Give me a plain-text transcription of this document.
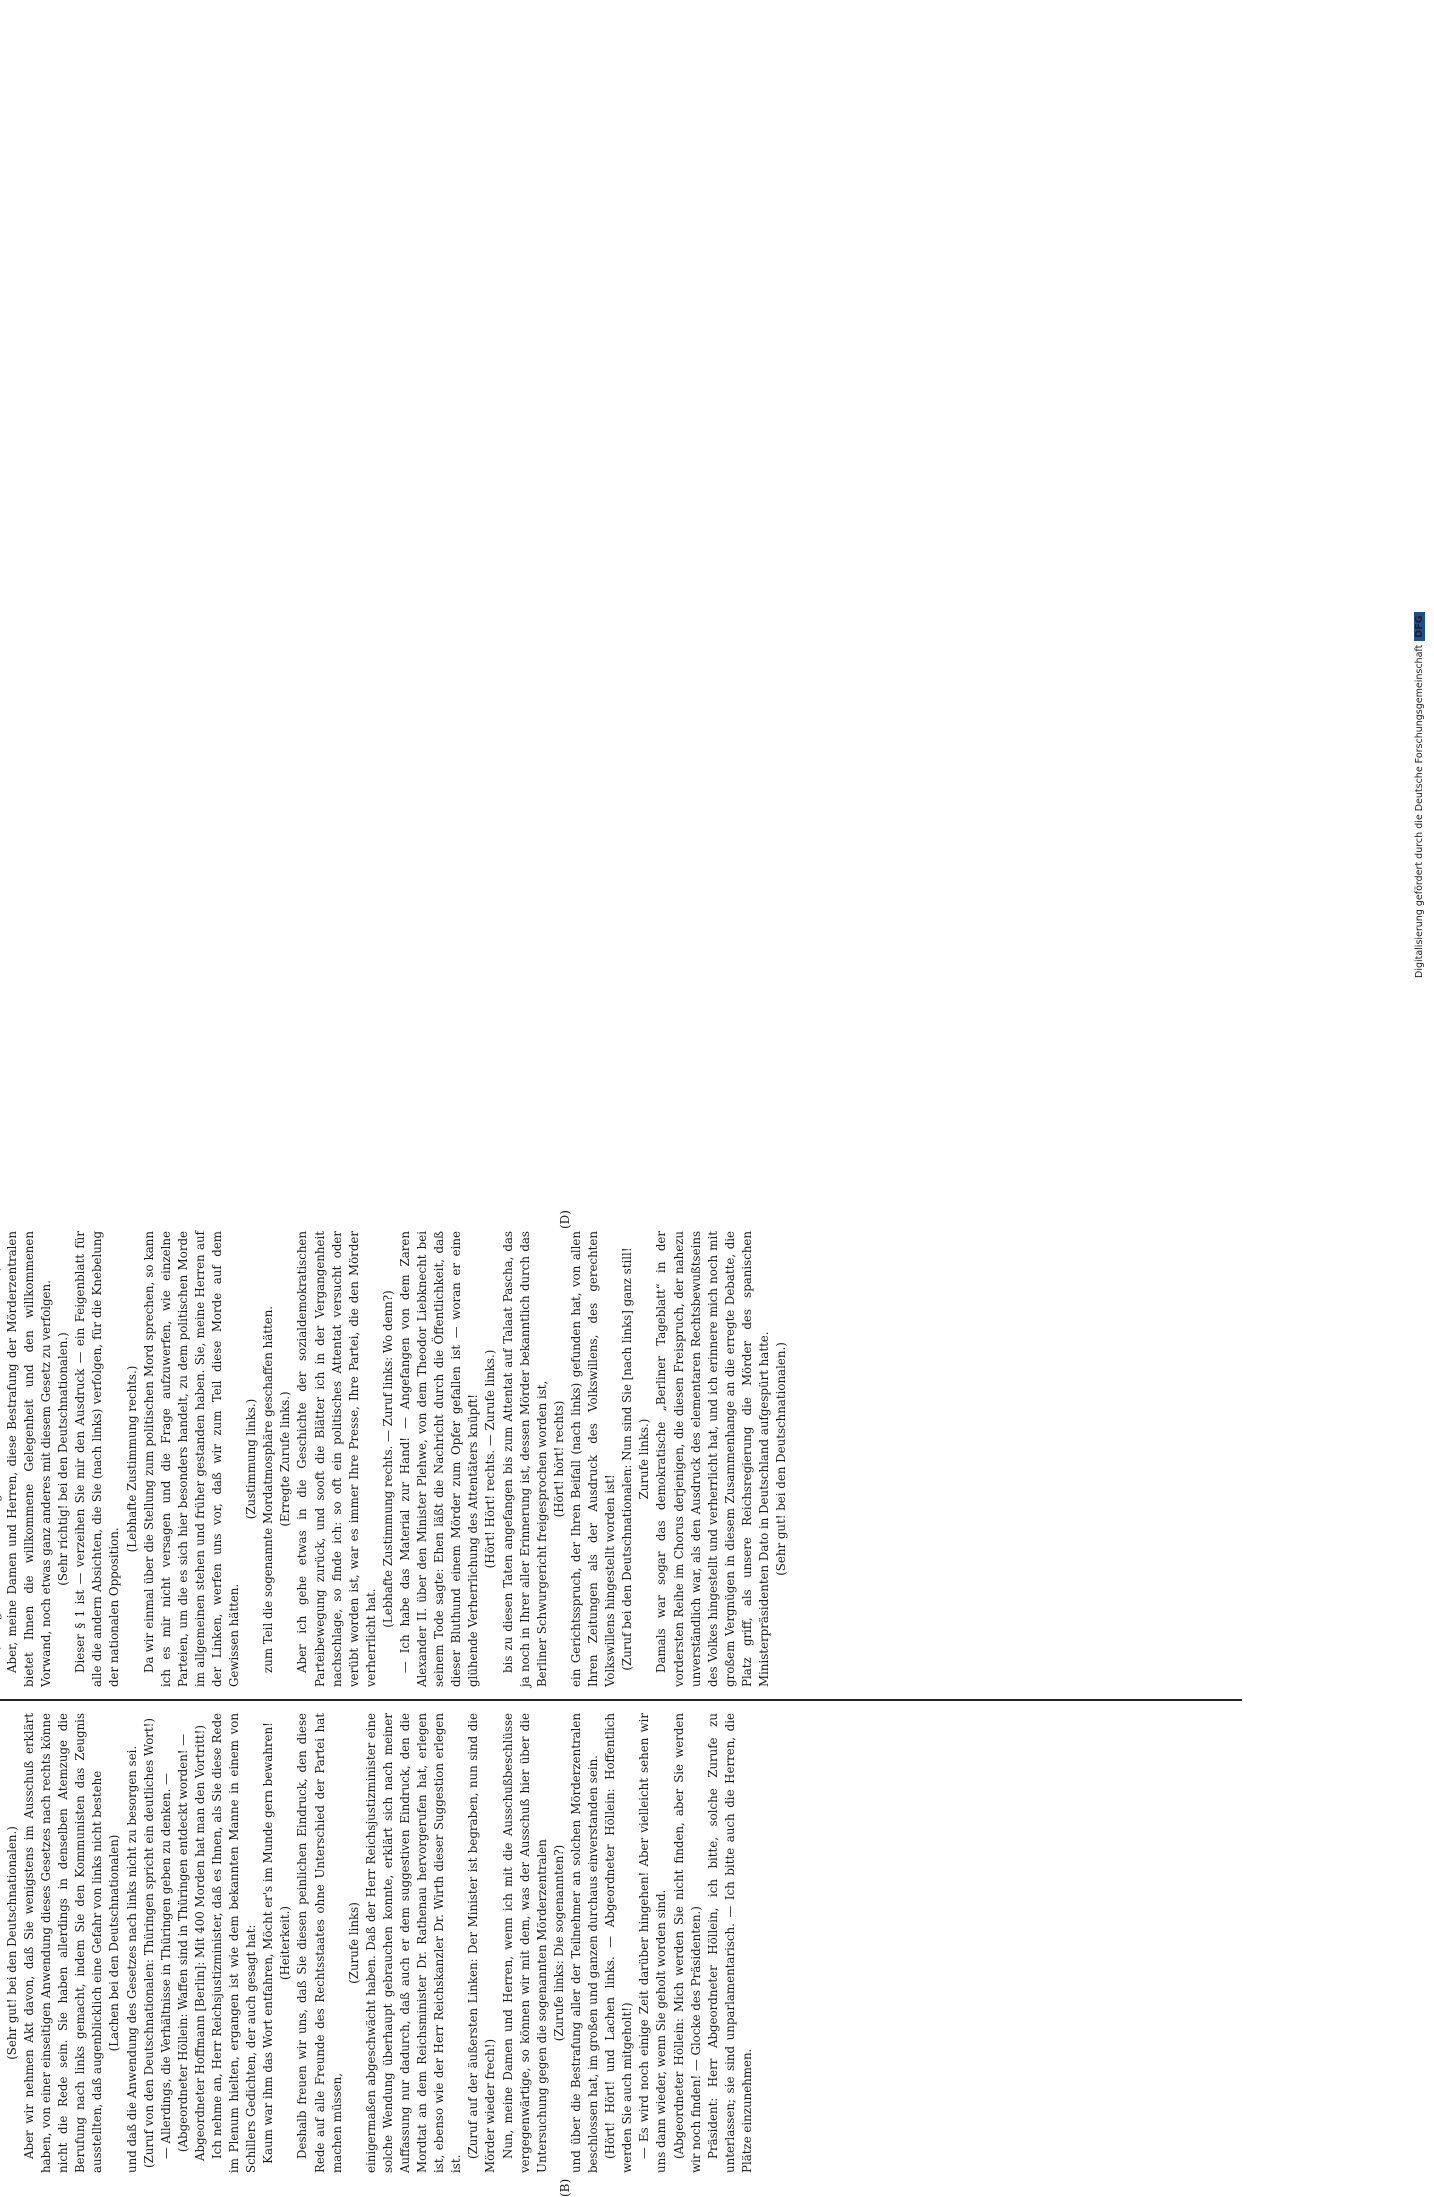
(B)
(D)

(Sehr gut! bei den Deutschnationalen.) Aber wir nehmen Akt davon, daß Sie wenigstens im Ausschuß erklärt haben, von einer einseitigen Anwendung dieses Gesetzes nach rechts könne nicht die Rede sein. Sie haben allerdings in denselben Atemzuge die Berufung nach links gemacht, indem Sie den Kommunisten das Zeugnis ausstellten, daß augenblicklich eine Gefahr von links nicht bestehe (Lachen bei den Deutschnationalen) und daß die Anwendung des Gesetzes nach links nicht zu besorgen sei. (Zuruf von den Deutschnationalen: Thüringen spricht ein deutliches Wort!) — Allerdings, die Verhältnisse in Thüringen geben zu denken. — (Abgeordneter Höllein: Waffen sind in Thüringen entdeckt worden! — Abgeordneter Hoffmann [Berlin]: Mit 400 Morden hat man den Vortritt!) Ich nehme an, Herr Reichsjustizminister, daß es Ihnen, als Sie diese Rede im Plenum hielten, ergangen ist wie dem bekannten Manne in einem von Schillers Gedichten, der auch gesagt hat: Kaum war ihm das Wort entfahren, Möcht er's im Munde gern bewahren! (Heiterkeit.) Deshalb freuen wir uns, daß Sie diesen peinlichen Eindruck, den diese Rede auf alle Freunde des Rechtsstaates ohne Unterschied der Partei hat machen müssen,

(Zurufe links) einigermaßen abgeschwächt haben. Daß der Herr Reichsjustizminister eine solche Wendung überhaupt gebrauchen konnte, erklärt sich nach meiner Auffassung nur dadurch, daß auch er dem suggestiven Eindruck, den die Mordtat an dem Reichsminister Dr. Rathenau hervorgerufen hat, erlegen ist, ebenso wie der Herr Reichskanzler Dr. Wirth dieser Suggestion erlegen ist.

(Zuruf auf der äußersten Linken: Der Minister ist begraben, nun sind die Mörder wieder frech!) Nun, meine Damen und Herren, wenn ich mit die Ausschußbeschlüsse vergegenwärtige, so können wir mit dem, was der Ausschuß hier über die Untersuchung gegen die sogenannten Mörderzentralen (Zurufe links: Die sogenannten?) und über die Bestrafung aller der Teilnehmer an solchen Mörderzentralen beschlossen hat, im großen und ganzen durchaus einverstanden sein. (Hört! Hört! und Lachen links. — Abgeordneter Höllein: Hoffentlich werden Sie auch mitgeholt!) — Es wird noch einige Zeit darüber hingehen! Aber vielleicht sehen wir uns dann wieder, wenn Sie geholt worden sind. (Abgeordneter Höllein: Mich werden Sie nicht finden, aber Sie werden wir noch finden! — Glocke des Präsidenten.) Präsident: Herr Abgeordneter Höllein, ich bitte, solche Zurufe zu unterlassen; sie sind unparlamentarisch. — Ich bitte auch die Herren, die Plätze einzunehmen.

Aber, meine Damen und Herren, diese Bestrafung der Mörderzentralen bietet Ihnen die willkommene Gelegenheit und den willkommenen Vorwand, noch etwas ganz anderes mit diesem Gesetz zu verfolgen. (Sehr richtig! bei den Deutschnationalen.) Dieser § 1 ist — verzeihen Sie mir den Ausdruck — ein Feigenblatt für alle die andern Absichten, die Sie (nach links) verfolgen, für die Knebelung der nationalen Opposition.

(Lebhafte Zustimmung rechts.) Da wir einmal über die Stellung zum politischen Mord sprechen, so kann ich es mir nicht versagen und die Frage aufzuwerfen, wie einzelne Parteien, um die es sich hier besonders handelt, zu dem politischen Morde im allgemeinen stehen und früher gestanden haben. Sie, meine Herren auf der Linken, werfen uns vor, daß wir zum Teil diese Morde auf dem Gewissen hätten.

(Zustimmung links.) zum Teil die sogenannte Mordatmosphäre geschaffen hätten. (Erregte Zurufe links.) Aber ich gehe etwas in die Geschichte der sozialdemokratischen Parteibewegung zurück, und sooft die Blätter ich in der Vergangenheit nachschlage, so finde ich: so oft ein politisches Attentat versucht oder verübt worden ist, war es immer Ihre Presse, Ihre Partei, die den Mörder verherrlicht hat.

(Lebhafte Zustimmung rechts. — Zuruf links: Wo denn?) — Ich habe das Material zur Hand! — Angefangen von dem Zaren Alexander II. über den Minister Plehwe, von dem Theodor Liebknecht bei seinem Tode sagte: Ehen läßt die Nachricht durch die Öffentlichkeit, daß dieser Bluthund einem Mörder zum Opfer gefallen ist — woran er eine glühende Verherrlichung des Attentäters knüpft! (Hört! Hört! rechts. — Zurufe links.) bis zu diesen Taten angefangen bis zum Attentat auf Talaat Pascha, das ja noch in Ihrer aller Erinnerung ist, dessen Mörder bekanntlich durch das Berliner Schwurgericht freigesprochen worden ist, (Hört! hört! rechts) ein Gerichtsspruch, der Ihren Beifall (nach links) gefunden hat, von allen Ihren Zeitungen als der Ausdruck des Volkswillens, des gerechten Volkswillens hingestellt worden ist! (Zuruf bei den Deutschnationalen: Nun sind Sie [nach links] ganz still! Zurufe links.) Damals war sogar das demokratische „Berliner Tageblatt“ in der vordersten Reihe im Chorus derjenigen, die diesen Freispruch, der nahezu unverständlich war, als den Ausdruck des elementaren Rechtsbewußtseins des Volkes hingestellt und verherrlicht hat, und ich erinnere mich noch mit großem Vergnügen in diesem Zusammenhange an die erregte Debatte, die Platz griff, als unsere Reichsregierung die Mörder des spanischen Ministerpräsidenten Dato in Deutschland aufgespürt hatte. (Sehr gut! bei den Deutschnationalen.)

Digitalisierung gefördert durch die Deutsche ForschungsgemeinschaftDFG
